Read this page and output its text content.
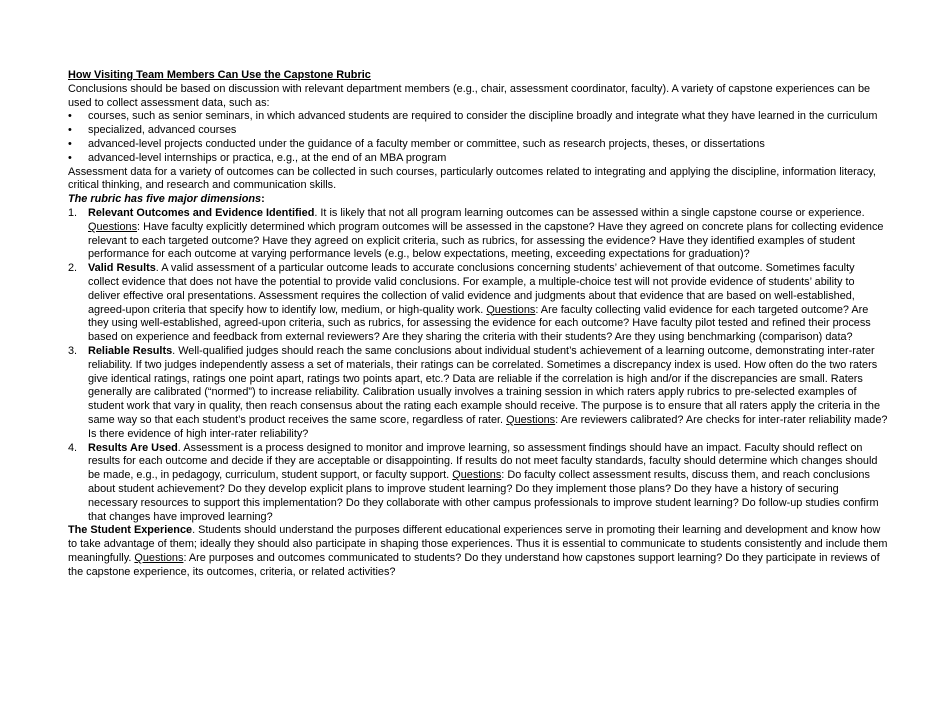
How Visiting Team Members Can Use the Capstone Rubric

Conclusions should be based on discussion with relevant department members (e.g., chair, assessment coordinator, faculty). A variety of capstone experiences can be used to collect assessment data, such as:

•	courses, such as senior seminars, in which advanced students are required to consider the discipline broadly and integrate what they have learned in the curriculum
•	specialized, advanced courses
•	advanced-level projects conducted under the guidance of a faculty member or committee, such as research projects, theses, or dissertations
•	advanced-level internships or practica, e.g., at the end of an MBA program

Assessment data for a variety of outcomes can be collected in such courses, particularly outcomes related to integrating and applying the discipline, information literacy, critical thinking, and research and communication skills.

The rubric has five major dimensions:

1.	Relevant Outcomes and Evidence Identified. It is likely that not all program learning outcomes can be assessed within a single capstone course or experience. Questions: Have faculty explicitly determined which program outcomes will be assessed in the capstone? Have they agreed on concrete plans for collecting evidence relevant to each targeted outcome? Have they agreed on explicit criteria, such as rubrics, for assessing the evidence? Have they identified examples of student performance for each outcome at varying performance levels (e.g., below expectations, meeting, exceeding expectations for graduation)?
2.	Valid Results. A valid assessment of a particular outcome leads to accurate conclusions concerning students’ achievement of that outcome. Sometimes faculty collect evidence that does not have the potential to provide valid conclusions. For example, a multiple-choice test will not provide evidence of students’ ability to deliver effective oral presentations. Assessment requires the collection of valid evidence and judgments about that evidence that are based on well-established, agreed-upon criteria that specify how to identify low, medium, or high-quality work. Questions: Are faculty collecting valid evidence for each targeted outcome? Are they using well-established, agreed-upon criteria, such as rubrics, for assessing the evidence for each outcome? Have faculty pilot tested and refined their process based on experience and feedback from external reviewers? Are they sharing the criteria with their students? Are they using benchmarking (comparison) data?
3.	Reliable Results. Well-qualified judges should reach the same conclusions about individual student’s achievement of a learning outcome, demonstrating inter-rater reliability. If two judges independently assess a set of materials, their ratings can be correlated. Sometimes a discrepancy index is used. How often do the two raters give identical ratings, ratings one point apart, ratings two points apart, etc.? Data are reliable if the correlation is high and/or if the discrepancies are small. Raters generally are calibrated (“normed”) to increase reliability. Calibration usually involves a training session in which raters apply rubrics to pre-selected examples of student work that vary in quality, then reach consensus about the rating each example should receive. The purpose is to ensure that all raters apply the criteria in the same way so that each student’s product receives the same score, regardless of rater. Questions: Are reviewers calibrated? Are checks for inter-rater reliability made? Is there evidence of high inter-rater reliability?
4.	Results Are Used. Assessment is a process designed to monitor and improve learning, so assessment findings should have an impact. Faculty should reflect on results for each outcome and decide if they are acceptable or disappointing. If results do not meet faculty standards, faculty should determine which changes should be made, e.g., in pedagogy, curriculum, student support, or faculty support. Questions: Do faculty collect assessment results, discuss them, and reach conclusions about student achievement? Do they develop explicit plans to improve student learning? Do they implement those plans? Do they have a history of securing necessary resources to support this implementation? Do they collaborate with other campus professionals to improve student learning? Do follow-up studies confirm that changes have improved learning?

The Student Experience. Students should understand the purposes different educational experiences serve in promoting their learning and development and know how to take advantage of them; ideally they should also participate in shaping those experiences. Thus it is essential to communicate to students consistently and include them meaningfully. Questions: Are purposes and outcomes communicated to students? Do they understand how capstones support learning? Do they participate in reviews of the capstone experience, its outcomes, criteria, or related activities?
